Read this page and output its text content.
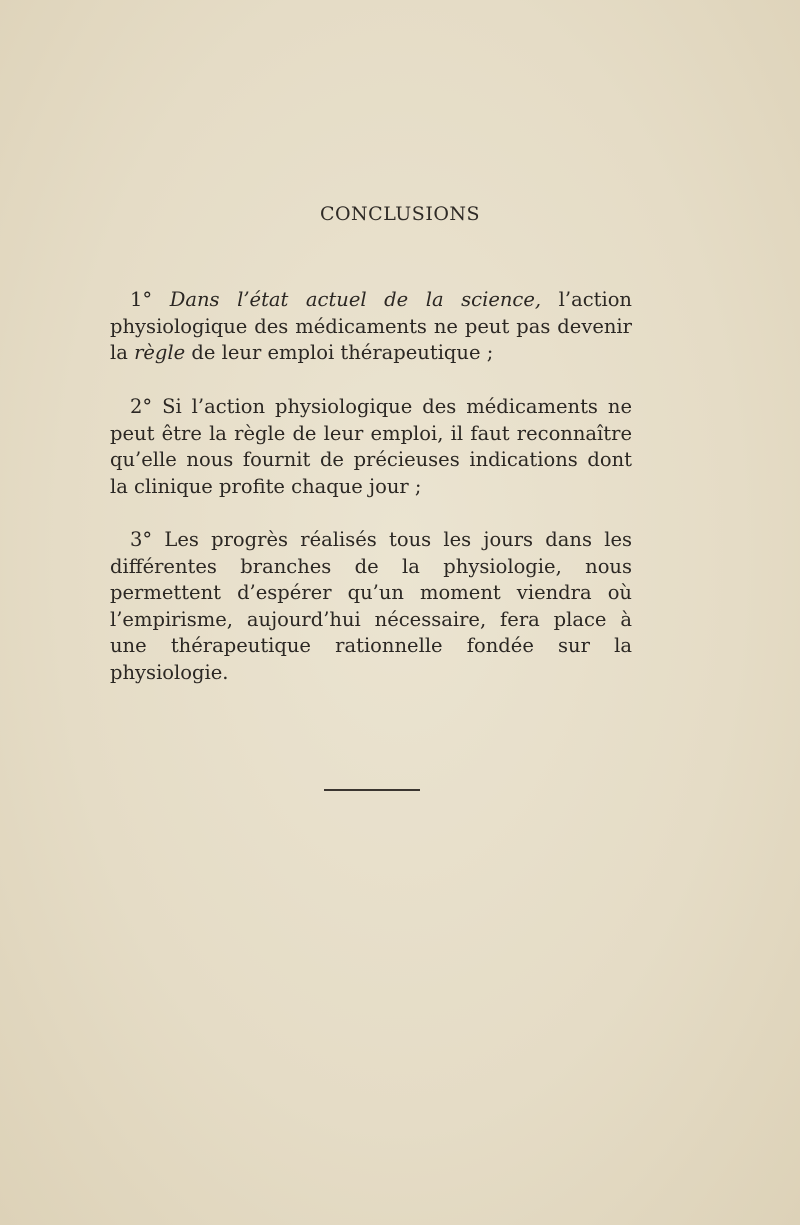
CONCLUSIONS

1° Dans l’état actuel de la science, l’action physiologique des médicaments ne peut pas devenir la règle de leur emploi thérapeutique ;

2° Si l’action physiologique des médicaments ne peut être la règle de leur emploi, il faut reconnaître qu’elle nous fournit de précieuses indications dont la clinique profite chaque jour ;

3° Les progrès réalisés tous les jours dans les différentes branches de la physiologie, nous permettent d’espérer qu’un moment viendra où l’empirisme, aujourd’hui nécessaire, fera place à une thérapeutique rationnelle fondée sur la physiologie.
